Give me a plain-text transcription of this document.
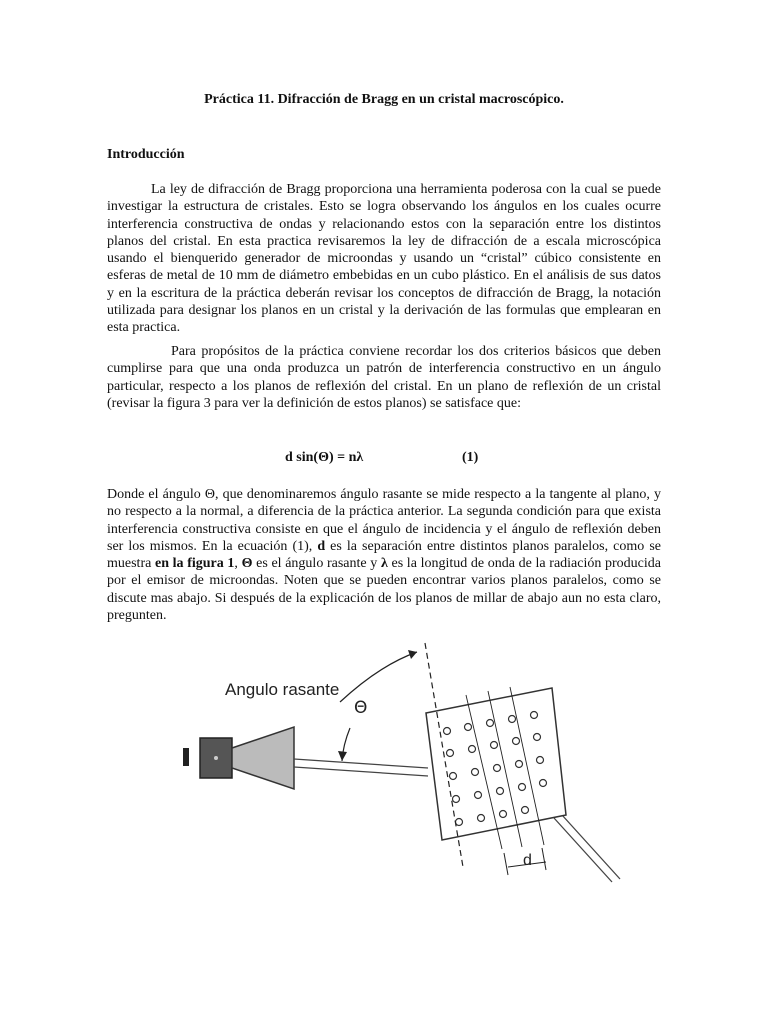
Práctica 11. Difracción de Bragg en un cristal macroscópico.
Introducción

La ley de difracción de Bragg proporciona una herramienta poderosa con la cual se puede investigar la estructura de cristales. Esto se logra observando los ángulos en los cuales ocurre interferencia constructiva de ondas y relacionando estos con la separación entre los distintos planos del cristal. En esta practica revisaremos la ley de difracción de a escala microscópica usando el bienquerido generador de microondas y usando un “cristal” cúbico consistente en esferas de metal de 10 mm de diámetro embebidas en un cubo plástico. En el análisis de sus datos y en la escritura de la práctica deberán revisar los conceptos de difracción de Bragg, la notación utilizada para designar los planos en un cristal y la derivación de las formulas que emplearan en esta practica.

Para propósitos de la práctica conviene recordar los dos criterios básicos que deben cumplirse para que una onda produzca un patrón de interferencia constructivo en un ángulo particular, respecto a los planos de reflexión del cristal. En un plano de reflexión de un cristal (revisar la figura 3 para ver la definición de estos planos) se satisface que:

d sin(Θ) = nλ	(1)

Donde el ángulo Θ, que denominaremos ángulo rasante se mide respecto a la tangente al plano, y no respecto a la normal, a diferencia de la práctica anterior. La segunda condición para que exista interferencia constructiva consiste en que el ángulo de incidencia y el ángulo de reflexión deben ser los mismos. En la ecuación (1), d es la separación entre distintos planos paralelos, como se muestra en la figura 1, Θ es el ángulo rasante y λ es la longitud de onda de la radiación producida por el emisor de microondas. Noten que se pueden encontrar varios planos paralelos, como se discute mas abajo. Si después de la explicación de los planos de millar de abajo aun no esta claro, pregunten.

Angulo rasante
Θ
d
